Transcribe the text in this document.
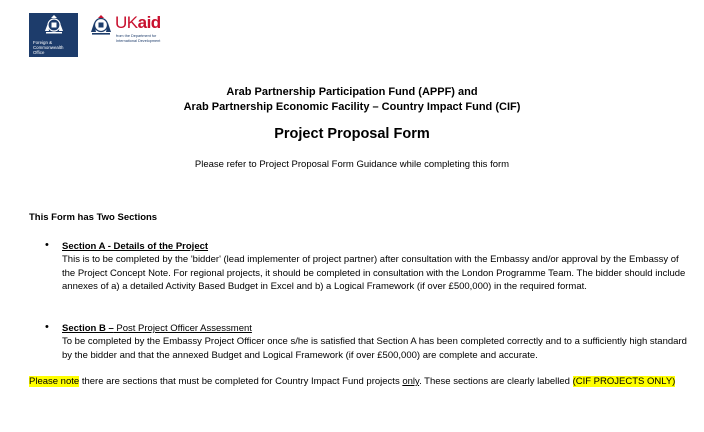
Foreign &
Commonwealth
Office
UKaid
from the Department for
International Development
Arab Partnership Participation Fund (APPF) and
Arab Partnership Economic Facility – Country Impact Fund (CIF)
Project Proposal Form
Please refer to Project Proposal Form Guidance while completing this form
This Form has Two Sections
• Section A - Details of the Project
This is to be completed by the 'bidder' (lead implementer of project partner) after consultation with the Embassy and/or approval by the Embassy of the Project Concept Note. For regional projects, it should be completed in consultation with the London Programme Team. The bidder should include annexes of a) a detailed Activity Based Budget in Excel and b) a Logical Framework (if over £500,000) in the required format.
• Section B – Post Project Officer Assessment
To be completed by the Embassy Project Officer once s/he is satisfied that Section A has been completed correctly and to a sufficiently high standard by the bidder and that the annexed Budget and Logical Framework (if over £500,000) are complete and accurate.
Please note there are sections that must be completed for Country Impact Fund projects only. These sections are clearly labelled (CIF PROJECTS ONLY)
